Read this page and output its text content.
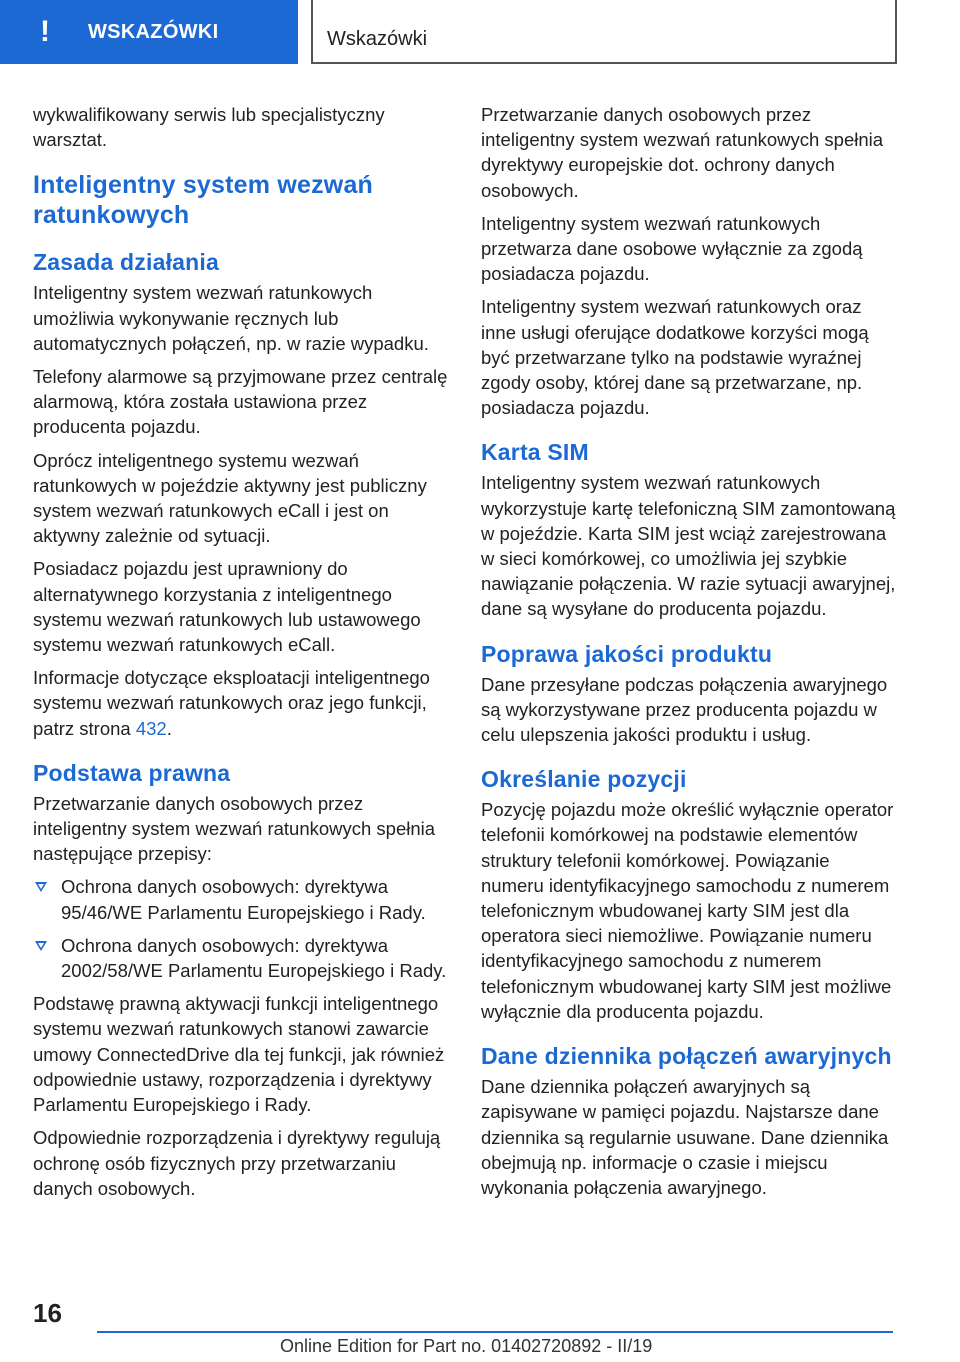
! WSKAZÓWKI	Wskazówki

wykwalifikowany serwis lub specjalistyczny warsztat.

Inteligentny system wezwań ratunkowych
Zasada działania

Inteligentny system wezwań ratunkowych umożliwia wykonywanie ręcznych lub automatycznych połączeń, np. w razie wypadku.

Telefony alarmowe są przyjmowane przez centralę alarmową, która została ustawiona przez producenta pojazdu.

Oprócz inteligentnego systemu wezwań ratunkowych w pojeździe aktywny jest publiczny system wezwań ratunkowych eCall i jest on aktywny zależnie od sytuacji.

Posiadacz pojazdu jest uprawniony do alternatywnego korzystania z inteligentnego systemu wezwań ratunkowych lub ustawowego systemu wezwań ratunkowych eCall.

Informacje dotyczące eksploatacji inteligentnego systemu wezwań ratunkowych oraz jego funkcji, patrz strona 432.

Podstawa prawna

Przetwarzanie danych osobowych przez inteligentny system wezwań ratunkowych spełnia następujące przepisy:

Ochrona danych osobowych: dyrektywa 95/46/WE Parlamentu Europejskiego i Rady.
Ochrona danych osobowych: dyrektywa 2002/58/WE Parlamentu Europejskiego i Rady.

Podstawę prawną aktywacji funkcji inteligentnego systemu wezwań ratunkowych stanowi zawarcie umowy ConnectedDrive dla tej funkcji, jak również odpowiednie ustawy, rozporządzenia i dyrektywy Parlamentu Europejskiego i Rady.

Odpowiednie rozporządzenia i dyrektywy regulują ochronę osób fizycznych przy przetwarzaniu danych osobowych.

Przetwarzanie danych osobowych przez inteligentny system wezwań ratunkowych spełnia dyrektywy europejskie dot. ochrony danych osobowych.

Inteligentny system wezwań ratunkowych przetwarza dane osobowe wyłącznie za zgodą posiadacza pojazdu.

Inteligentny system wezwań ratunkowych oraz inne usługi oferujące dodatkowe korzyści mogą być przetwarzane tylko na podstawie wyraźnej zgody osoby, której dane są przetwarzane, np. posiadacza pojazdu.

Karta SIM

Inteligentny system wezwań ratunkowych wykorzystuje kartę telefoniczną SIM zamontowaną w pojeździe. Karta SIM jest wciąż zarejestrowana w sieci komórkowej, co umożliwia jej szybkie nawiązanie połączenia. W razie sytuacji awaryjnej, dane są wysyłane do producenta pojazdu.

Poprawa jakości produktu

Dane przesyłane podczas połączenia awaryjnego są wykorzystywane przez producenta pojazdu w celu ulepszenia jakości produktu i usług.

Określanie pozycji

Pozycję pojazdu może określić wyłącznie operator telefonii komórkowej na podstawie elementów struktury telefonii komórkowej. Powiązanie numeru identyfikacyjnego samochodu z numerem telefonicznym wbudowanej karty SIM jest dla operatora sieci niemożliwe. Powiązanie numeru identyfikacyjnego samochodu z numerem telefonicznym wbudowanej karty SIM jest możliwe wyłącznie dla producenta pojazdu.

Dane dziennika połączeń awaryjnych

Dane dziennika połączeń awaryjnych są zapisywane w pamięci pojazdu. Najstarsze dane dziennika są regularnie usuwane. Dane dziennika obejmują np. informacje o czasie i miejscu wykonania połączenia awaryjnego.

16
Online Edition for Part no. 01402720892 - II/19
